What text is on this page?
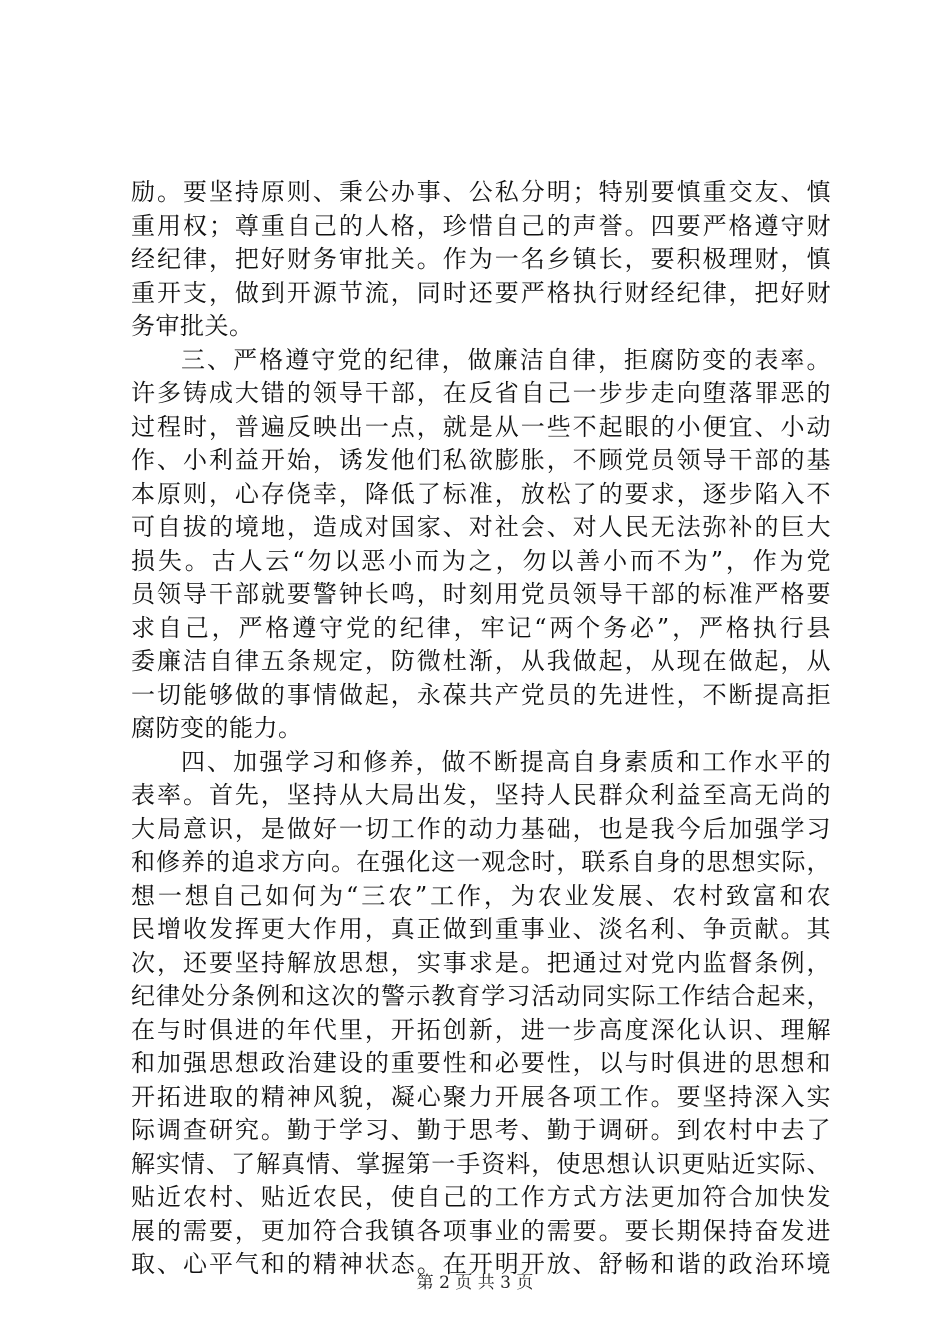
励。要坚持原则、秉公办事、公私分明；特别要慎重交友、慎
重用权；尊重自己的人格，珍惜自己的声誉。四要严格遵守财
经纪律，把好财务审批关。作为一名乡镇长，要积极理财，慎
重开支，做到开源节流，同时还要严格执行财经纪律，把好财
务审批关。
三、严格遵守党的纪律，做廉洁自律，拒腐防变的表率。
许多铸成大错的领导干部，在反省自己一步步走向堕落罪恶的
过程时，普遍反映出一点，就是从一些不起眼的小便宜、小动
作、小利益开始，诱发他们私欲膨胀，不顾党员领导干部的基
本原则，心存侥幸，降低了标准，放松了的要求，逐步陷入不
可自拔的境地，造成对国家、对社会、对人民无法弥补的巨大
损失。古人云“勿以恶小而为之，勿以善小而不为”，作为党
员领导干部就要警钟长鸣，时刻用党员领导干部的标准严格要
求自己，严格遵守党的纪律，牢记“两个务必”，严格执行县
委廉洁自律五条规定，防微杜渐，从我做起，从现在做起，从
一切能够做的事情做起，永葆共产党员的先进性，不断提高拒
腐防变的能力。
四、加强学习和修养，做不断提高自身素质和工作水平的
表率。首先，坚持从大局出发，坚持人民群众利益至高无尚的
大局意识，是做好一切工作的动力基础，也是我今后加强学习
和修养的追求方向。在强化这一观念时，联系自身的思想实际，
想一想自己如何为“三农”工作，为农业发展、农村致富和农
民增收发挥更大作用，真正做到重事业、淡名利、争贡献。其
次，还要坚持解放思想，实事求是。把通过对党内监督条例，
纪律处分条例和这次的警示教育学习活动同实际工作结合起来，
在与时俱进的年代里，开拓创新，进一步高度深化认识、理解
和加强思想政治建设的重要性和必要性，以与时俱进的思想和
开拓进取的精神风貌，凝心聚力开展各项工作。要坚持深入实
际调查研究。勤于学习、勤于思考、勤于调研。到农村中去了
解实情、了解真情、掌握第一手资料，使思想认识更贴近实际、
贴近农村、贴近农民，使自己的工作方式方法更加符合加快发
展的需要，更加符合我镇各项事业的需要。要长期保持奋发进
取、心平气和的精神状态。在开明开放、舒畅和谐的政治环境
第 2 页 共 3 页
